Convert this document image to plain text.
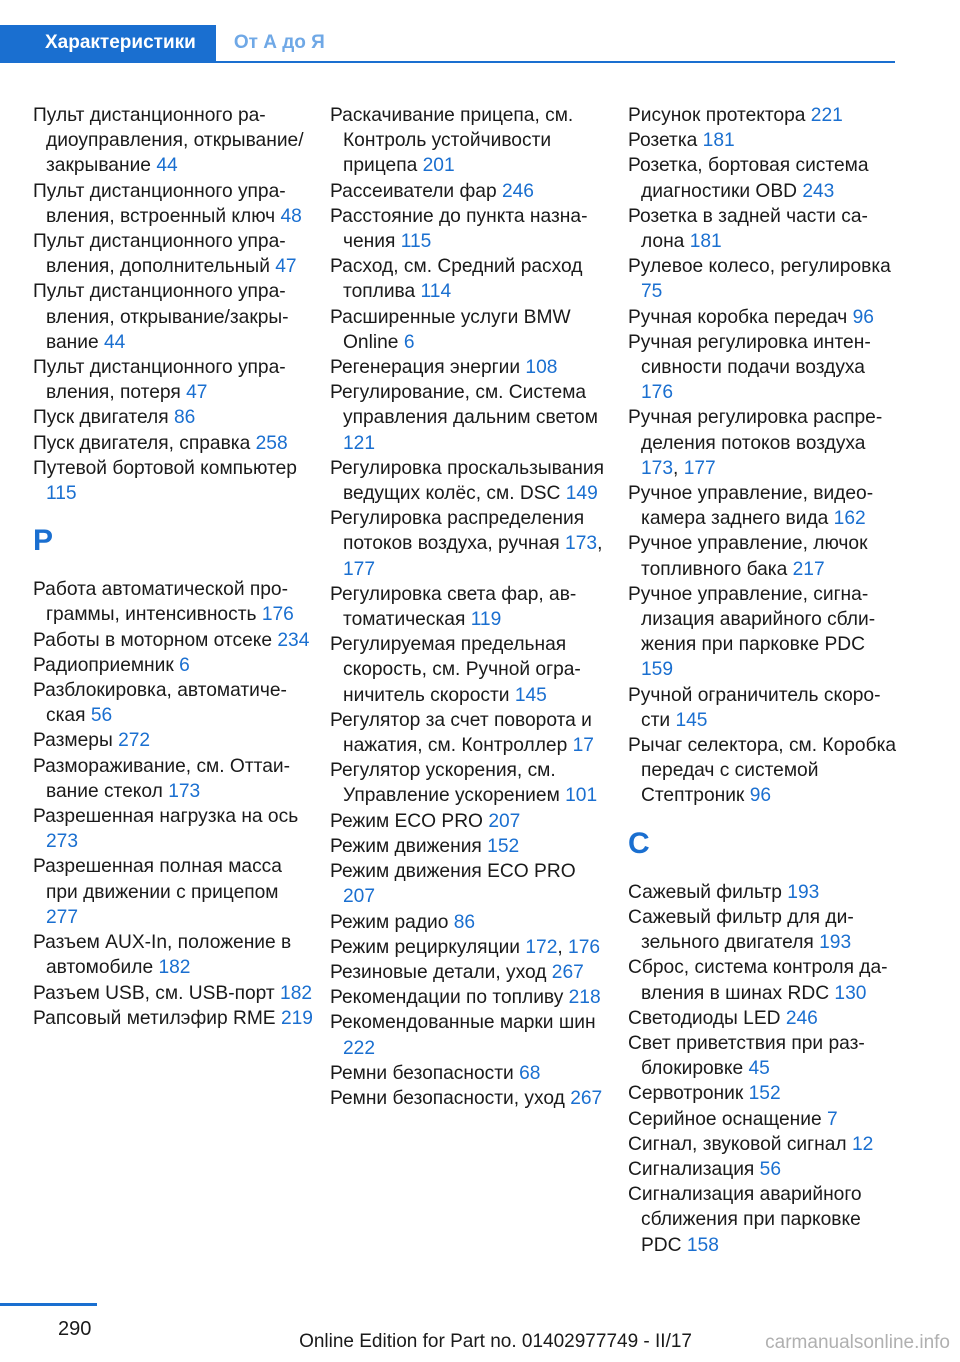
Характеристики	От А до Я
Пульт дистанционного радиоуправления, открывание/закрывание 44
Пульт дистанционного управления, встроенный ключ 48
Пульт дистанционного управления, дополнительный 47
Пульт дистанционного управления, открывание/закрывание 44
Пульт дистанционного управления, потеря 47
Пуск двигателя 86
Пуск двигателя, справка 258
Путевой бортовой компьютер 115
Р
Работа автоматической программы, интенсивность 176
Работы в моторном отсеке 234
Радиоприемник 6
Разблокировка, автоматическая 56
Размеры 272
Размораживание, см. Оттаивание стекол 173
Разрешенная нагрузка на ось 273
Разрешенная полная масса при движении с прицепом 277
Разъем AUX-In, положение в автомобиле 182
Разъем USB, см. USB-порт 182
Рапсовый метилэфир RME 219
Раскачивание прицепа, см. Контроль устойчивости прицепа 201
Рассеиватели фар 246
Расстояние до пункта назначения 115
Расход, см. Средний расход топлива 114
Расширенные услуги BMW Online 6
Регенерация энергии 108
Регулирование, см. Система управления дальним светом 121
Регулировка проскальзывания ведущих колёс, см. DSC 149
Регулировка распределения потоков воздуха, ручная 173, 177
Регулировка света фар, автоматическая 119
Регулируемая предельная скорость, см. Ручной ограничитель скорости 145
Регулятор за счет поворота и нажатия, см. Контроллер 17
Регулятор ускорения, см. Управление ускорением 101
Режим ECO PRO 207
Режим движения 152
Режим движения ECO PRO 207
Режим радио 86
Режим рециркуляции 172, 176
Резиновые детали, уход 267
Рекомендации по топливу 218
Рекомендованные марки шин 222
Ремни безопасности 68
Ремни безопасности, уход 267
Рисунок протектора 221
Розетка 181
Розетка, бортовая система диагностики OBD 243
Розетка в задней части салона 181
Рулевое колесо, регулировка 75
Ручная коробка передач 96
Ручная регулировка интенсивности подачи воздуха 176
Ручная регулировка распределения потоков воздуха 173, 177
Ручное управление, видеокамера заднего вида 162
Ручное управление, лючок топливного бака 217
Ручное управление, сигнализация аварийного сближения при парковке PDC 159
Ручной ограничитель скорости 145
Рычаг селектора, см. Коробка передач с системой Стептроник 96
С
Сажевый фильтр 193
Сажевый фильтр для дизельного двигателя 193
Сброс, система контроля давления в шинах RDC 130
Светодиоды LED 246
Свет приветствия при разблокировке 45
Сервотроник 152
Серийное оснащение 7
Сигнал, звуковой сигнал 12
Сигнализация 56
Сигнализация аварийного сближения при парковке PDC 158
290
Online Edition for Part no. 01402977749 - II/17	carmanualsonline.info
